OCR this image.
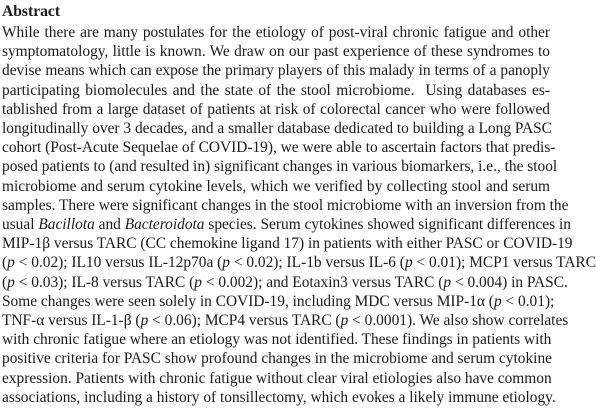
Abstract
While there are many postulates for the etiology of post-viral chronic fatigue and other
symptomatology, little is known. We draw on our past experience of these syndromes to
devise means which can expose the primary players of this malady in terms of a panoply
participating biomolecules and the state of the stool microbiome.  Using databases es-
tablished from a large dataset of patients at risk of colorectal cancer who were followed
longitudinally over 3 decades, and a smaller database dedicated to building a Long PASC
cohort (Post-Acute Sequelae of COVID-19), we were able to ascertain factors that predis-
posed patients to (and resulted in) significant changes in various biomarkers, i.e., the stool
microbiome and serum cytokine levels, which we verified by collecting stool and serum
samples. There were significant changes in the stool microbiome with an inversion from the
usual Bacillota and Bacteroidota species. Serum cytokines showed significant differences in
MIP-1β versus TARC (CC chemokine ligand 17) in patients with either PASC or COVID-19
(p < 0.02); IL10 versus IL-12p70a (p < 0.02); IL-1b versus IL-6 (p < 0.01); MCP1 versus TARC
(p < 0.03); IL-8 versus TARC (p < 0.002); and Eotaxin3 versus TARC (p < 0.004) in PASC.
Some changes were seen solely in COVID-19, including MDC versus MIP-1α (p < 0.01);
TNF-α versus IL-1-β (p < 0.06); MCP4 versus TARC (p < 0.0001). We also show correlates
with chronic fatigue where an etiology was not identified. These findings in patients with
positive criteria for PASC show profound changes in the microbiome and serum cytokine
expression. Patients with chronic fatigue without clear viral etiologies also have common
associations, including a history of tonsillectomy, which evokes a likely immune etiology.
